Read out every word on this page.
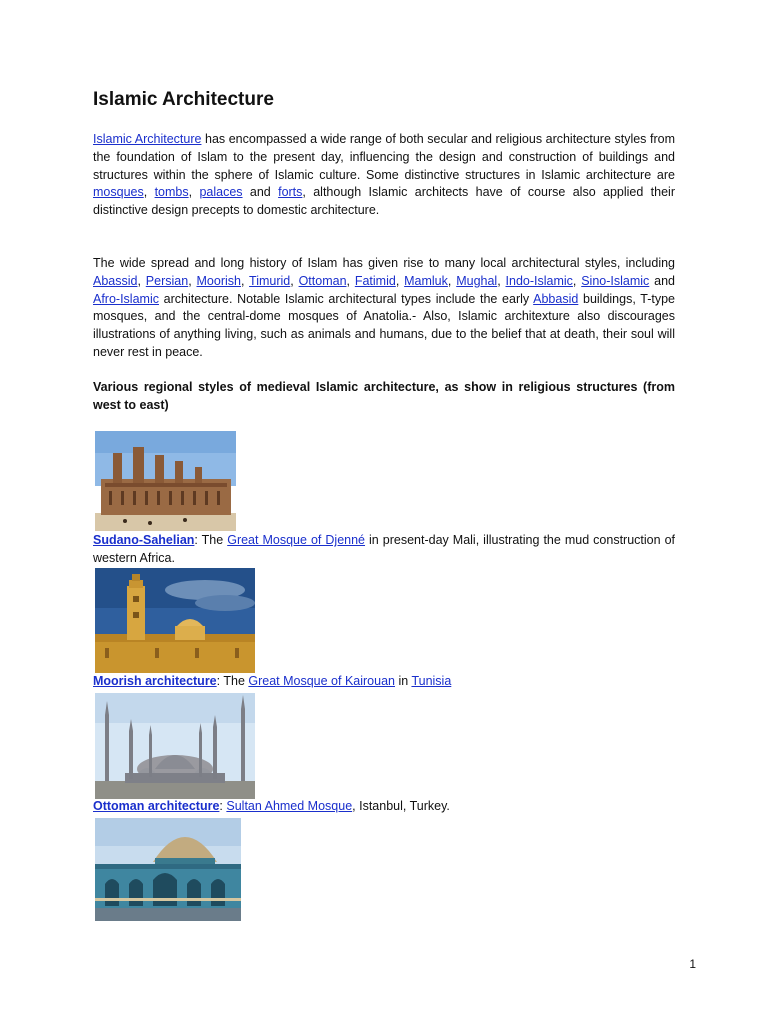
Islamic Architecture

Islamic Architecture has encompassed a wide range of both secular and religious architecture styles from the foundation of Islam to the present day, influencing the design and construction of buildings and structures within the sphere of Islamic culture. Some distinctive structures in Islamic architecture are mosques, tombs, palaces and forts, although Islamic architects have of course also applied their distinctive design precepts to domestic architecture.

The wide spread and long history of Islam has given rise to many local architectural styles, including Abassid, Persian, Moorish, Timurid, Ottoman, Fatimid, Mamluk, Mughal, Indo-Islamic, Sino-Islamic and Afro-Islamic architecture. Notable Islamic architectural types include the early Abbasid buildings, T-type mosques, and the central-dome mosques of Anatolia.- Also, Islamic architexture also discourages illustrations of anything living, such as animals and humans, due to the belief that at death, their soul will never rest in peace.

Various regional styles of medieval Islamic architecture, as show in religious structures (from west to east)

Sudano-Sahelian: The Great Mosque of Djenné in present-day Mali, illustrating the mud construction of western Africa.

Moorish architecture: The Great Mosque of Kairouan in Tunisia

Ottoman architecture: Sultan Ahmed Mosque, Istanbul, Turkey.

1
